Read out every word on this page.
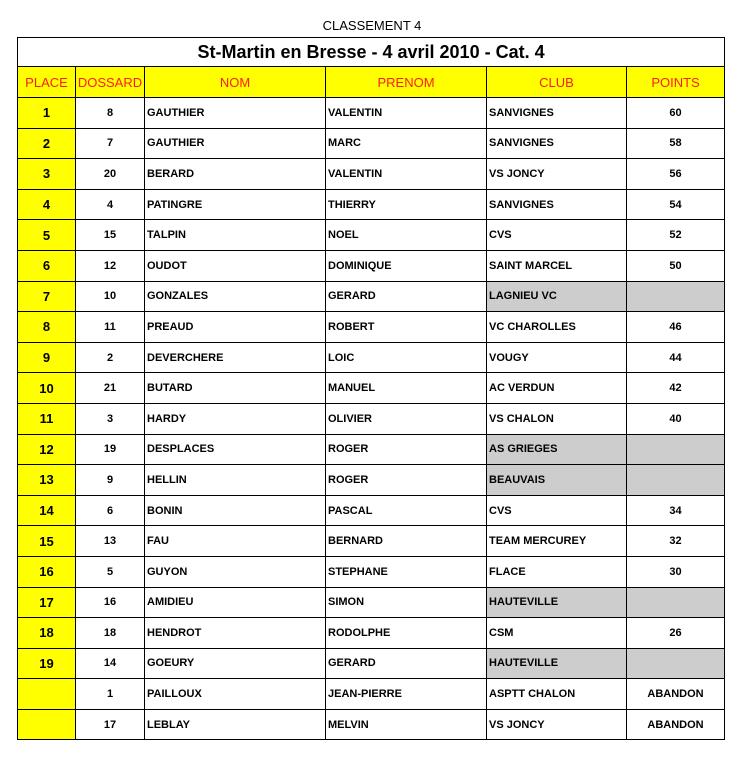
CLASSEMENT 4
St-Martin en Bresse - 4 avril 2010 - Cat. 4					
PLACE	DOSSARD	NOM	PRENOM	CLUB	POINTS
1	8	GAUTHIER	VALENTIN	SANVIGNES	60
2	7	GAUTHIER	MARC	SANVIGNES	58
3	20	BERARD	VALENTIN	VS JONCY	56
4	4	PATINGRE	THIERRY	SANVIGNES	54
5	15	TALPIN	NOEL	CVS	52
6	12	OUDOT	DOMINIQUE	SAINT MARCEL	50
7	10	GONZALES	GERARD	LAGNIEU VC	
8	11	PREAUD	ROBERT	VC CHAROLLES	46
9	2	DEVERCHERE	LOIC	VOUGY	44
10	21	BUTARD	MANUEL	AC VERDUN	42
11	3	HARDY	OLIVIER	VS CHALON	40
12	19	DESPLACES	ROGER	AS GRIEGES	
13	9	HELLIN	ROGER	BEAUVAIS	
14	6	BONIN	PASCAL	CVS	34
15	13	FAU	BERNARD	TEAM MERCUREY	32
16	5	GUYON	STEPHANE	FLACE	30
17	16	AMIDIEU	SIMON	HAUTEVILLE	
18	18	HENDROT	RODOLPHE	CSM	26
19	14	GOEURY	GERARD	HAUTEVILLE	
	1	PAILLOUX	JEAN-PIERRE	ASPTT CHALON	ABANDON
	17	LEBLAY	MELVIN	VS JONCY	ABANDON
